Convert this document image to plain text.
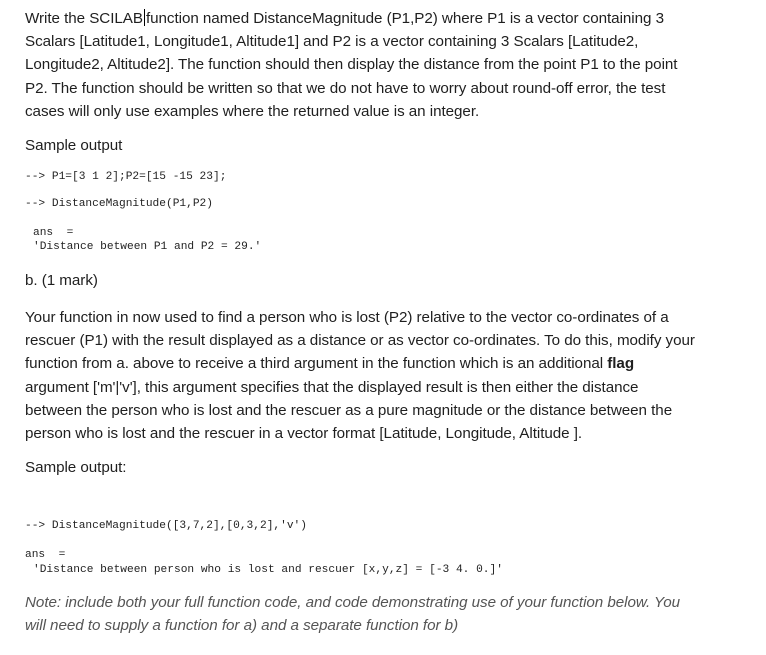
Write the SCILAB function named DistanceMagnitude (P1,P2) where P1 is a vector containing 3
Scalars [Latitude1, Longitude1, Altitude1] and P2 is a vector containing 3 Scalars [Latitude2,
Longitude2, Altitude2]. The function should then display the distance from the point P1 to the point
P2. The function should be written so that we do not have to worry about round-off error, the test
cases will only use examples where the returned value is an integer.
Sample output
--> P1=[3 1 2];P2=[15 -15 23];
--> DistanceMagnitude(P1,P2)
ans  =
'Distance between P1 and P2 = 29.'
b. (1 mark)
Your function in now used to find a person who is lost (P2) relative to the vector co-ordinates of a
rescuer (P1) with the result displayed as a distance or as vector co-ordinates. To do this, modify your
function from a. above to receive a third argument in the function which is an additional flag
argument ['m'|'v'], this argument specifies that the displayed result is then either the distance
between the person who is lost and the rescuer as a pure magnitude or the distance between the
person who is lost and the rescuer in a vector format [Latitude, Longitude, Altitude ].
Sample output:
--> DistanceMagnitude([3,7,2],[0,3,2],'v')
ans  =
'Distance between person who is lost and rescuer [x,y,z] = [-3 4. 0.]'
Note: include both your full function code, and code demonstrating use of your function below. You
will need to supply a function for a) and a separate function for b)
